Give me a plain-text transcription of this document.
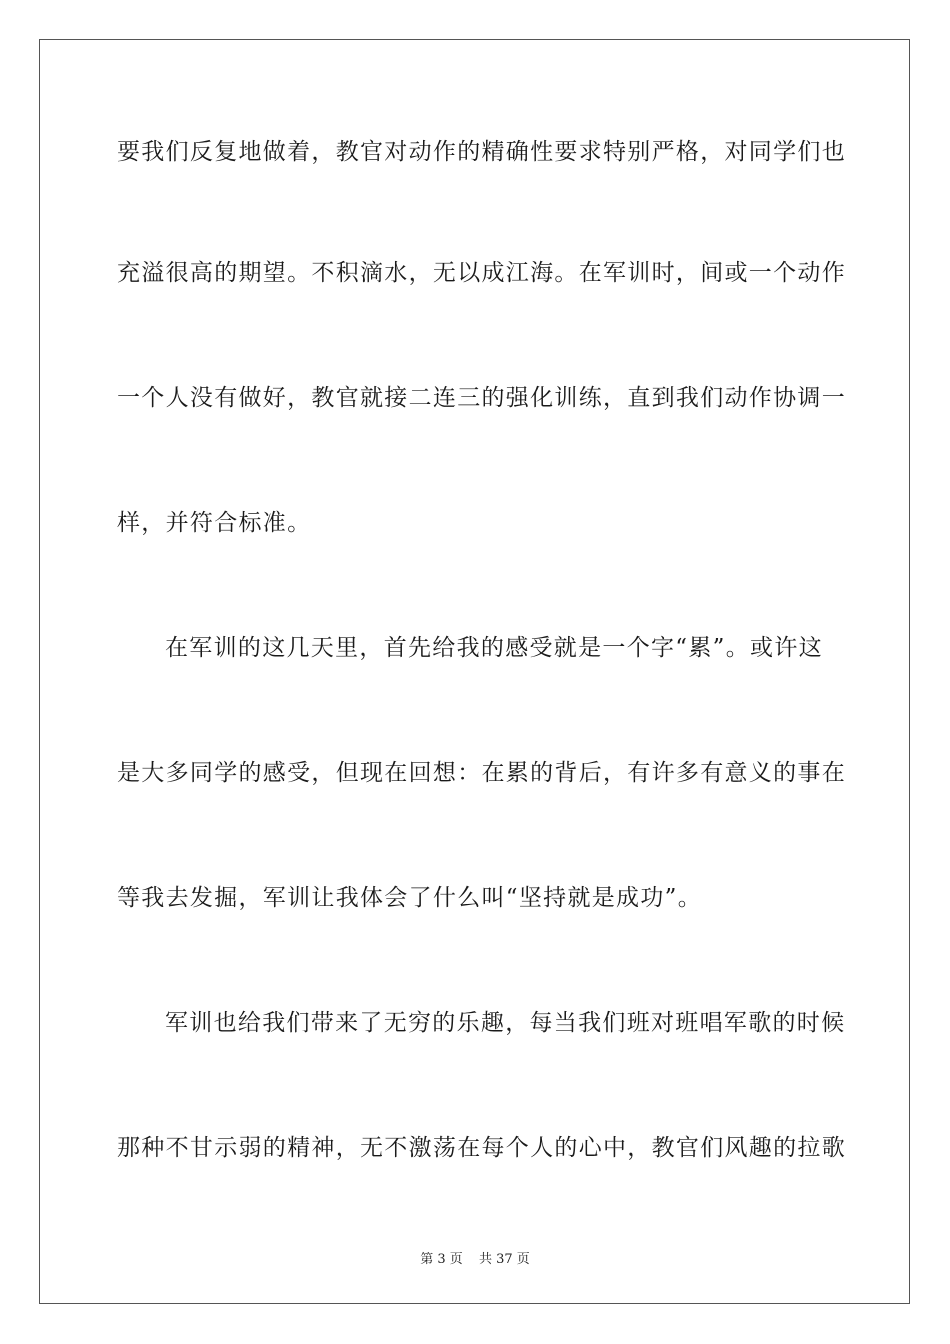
要我们反复地做着，教官对动作的精确性要求特别严格，对同学们也
充溢很高的期望。不积滴水，无以成江海。在军训时，间或一个动作
一个人没有做好，教官就接二连三的强化训练，直到我们动作协调一
样，并符合标准。
在军训的这几天里，首先给我的感受就是一个字“累”。或许这
是大多同学的感受，但现在回想：在累的背后，有许多有意义的事在
等我去发掘，军训让我体会了什么叫“坚持就是成功”。
军训也给我们带来了无穷的乐趣，每当我们班对班唱军歌的时候
那种不甘示弱的精神，无不激荡在每个人的心中，教官们风趣的拉歌
第 3 页 共 37 页
